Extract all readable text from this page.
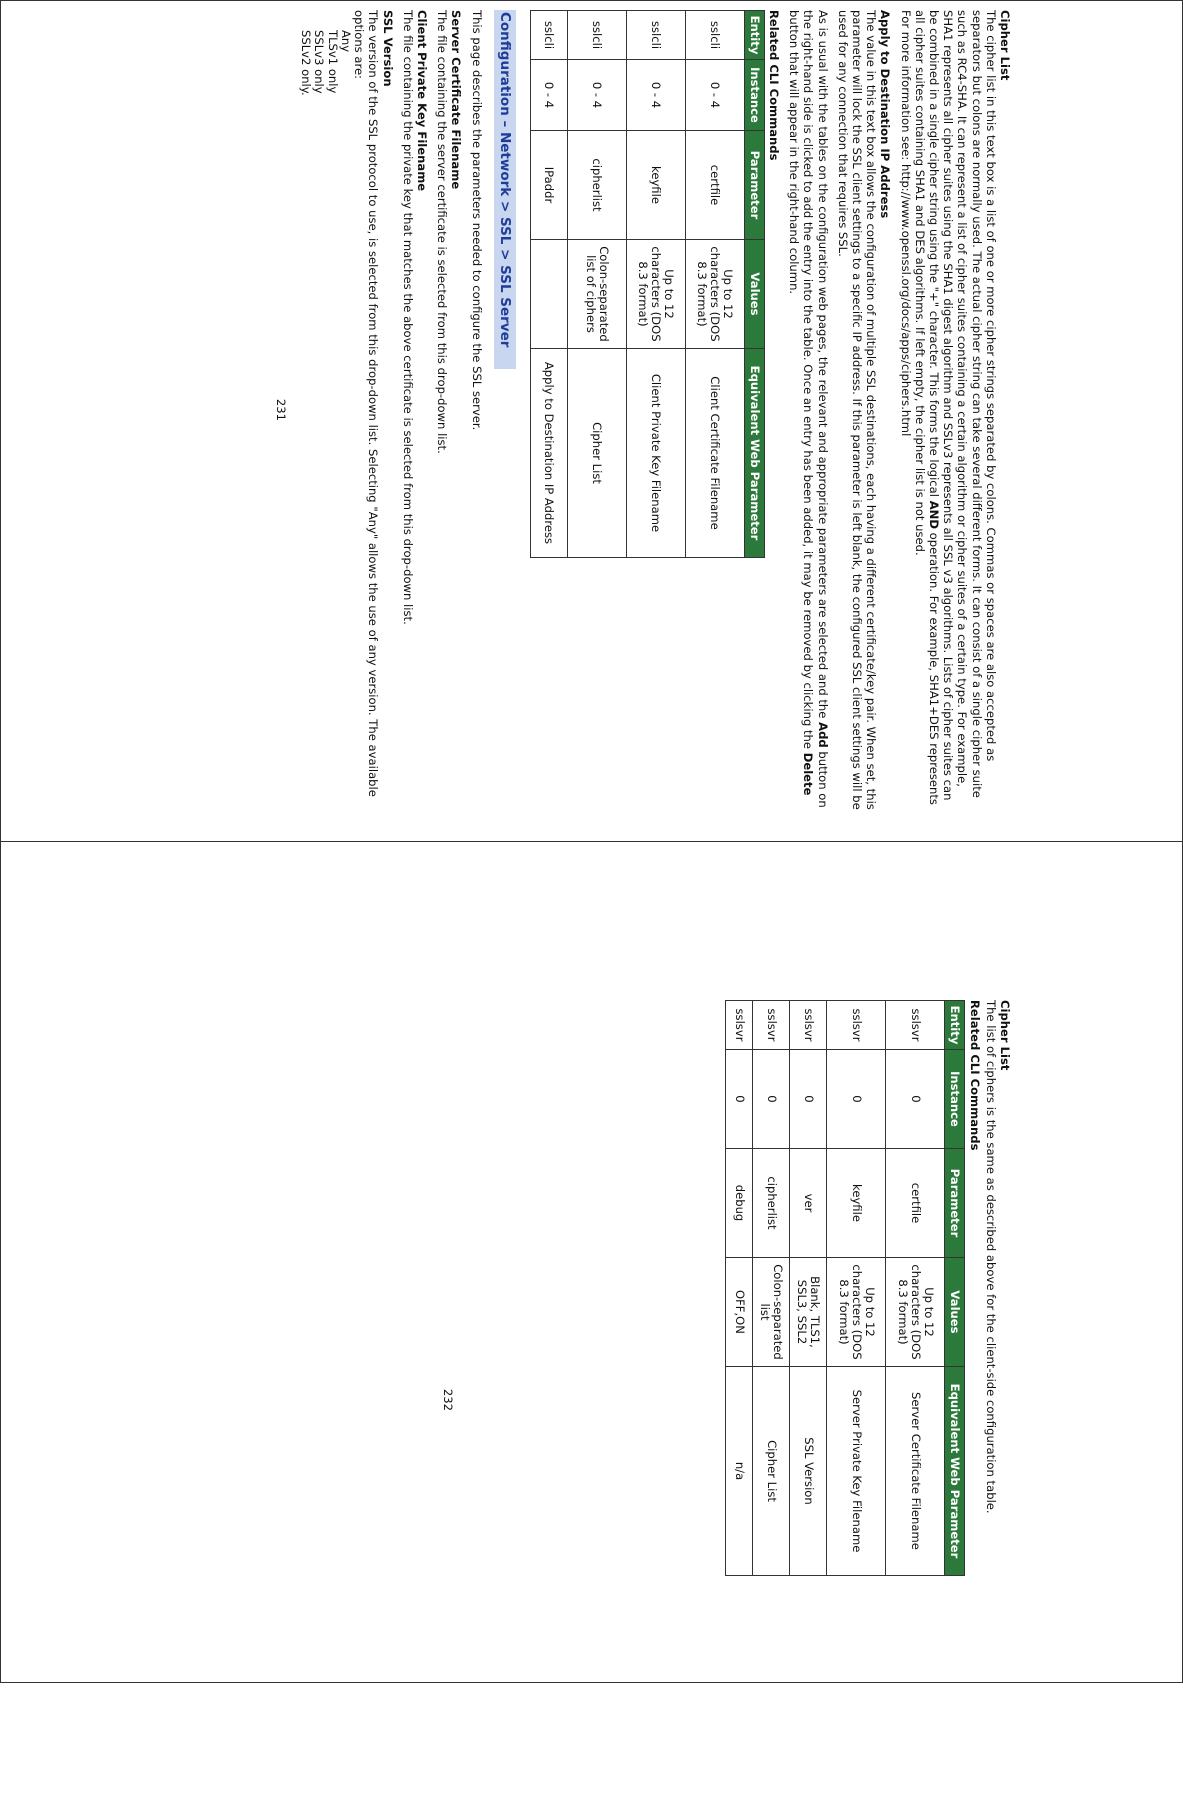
Cipher List

The cipher list in this text box is a list of one or more cipher strings separated by colons. Commas or spaces are also accepted as separators but colons are normally used. The actual cipher string can take several different forms. It can consist of a single cipher suite such as RC4-SHA. It can represent a list of cipher suites containing a certain algorithm or cipher suites of a certain type. For example, SHA1 represents all cipher suites using the SHA1 digest algorithm and SSLv3 represents all SSL v3 algorithms. Lists of cipher suites can be combined in a single cipher string using the "+" character. This forms the logical AND operation. For example, SHA1+DES represents all cipher suites containing SHA1 and DES algorithms. If left empty, the cipher list is not used.
For more information see: http://www.openssl.org/docs/apps/ciphers.html

Apply to Destination IP Address

The value in this text box allows the configuration of multiple SSL destinations, each having a different certificate/key pair. When set, this parameter will lock the SSL client settings to a specific IP address. If this parameter is left blank, the configured SSL client settings will be used for any connection that requires SSL.

As is usual with the tables on the configuration web pages, the relevant and appropriate parameters are selected and the Add button on the right-hand side is clicked to add the entry into the table. Once an entry has been added, it may be removed by clicking the Delete button that will appear in the right-hand column.

Related CLI Commands
Entity	Instance	Parameter	Values	Equivalent Web Parameter
sslcli	0 - 4	certfile	Up to 12 characters (DOS 8.3 format)	Client Certificate Filename
sslcli	0 - 4	keyfile	Up to 12 characters (DOS 8.3 format)	Client Private Key Filename
sslcli	0 - 4	cipherlist	Colon-separated list of ciphers	Cipher List
sslcli	0 - 4	IPaddr		Apply to Destination IP Address
Configuration – Network > SSL > SSL Server

This page describes the parameters needed to configure the SSL server.

Server Certificate Filename

The file containing the server certificate is selected from this drop-down list.

Client Private Key Filename

The file containing the private key that matches the above certificate is selected from this drop-down list.

SSL Version

The version of the SSL protocol to use, is selected from this drop-down list. Selecting "Any" allows the use of any version. The available options are:

Any
TLSv1 only
SSLv3 only
SSLv2 only.
231
Cipher List

The list of ciphers is the same as described above for the client-side configuration table.

Related CLI Commands
Entity	Instance	Parameter	Values	Equivalent Web Parameter
sslsvr	0	certfile	Up to 12 characters (DOS 8.3 format)	Server Certificate Filename
sslsvr	0	keyfile	Up to 12 characters (DOS 8.3 format)	Server Private Key Filename
sslsvr	0	ver	Blank, TLS1, SSL3, SSL2	SSL Version
sslsvr	0	cipherlist	Colon-separated list	Cipher List
sslsvr	0	debug	OFF,ON	n/a
232
